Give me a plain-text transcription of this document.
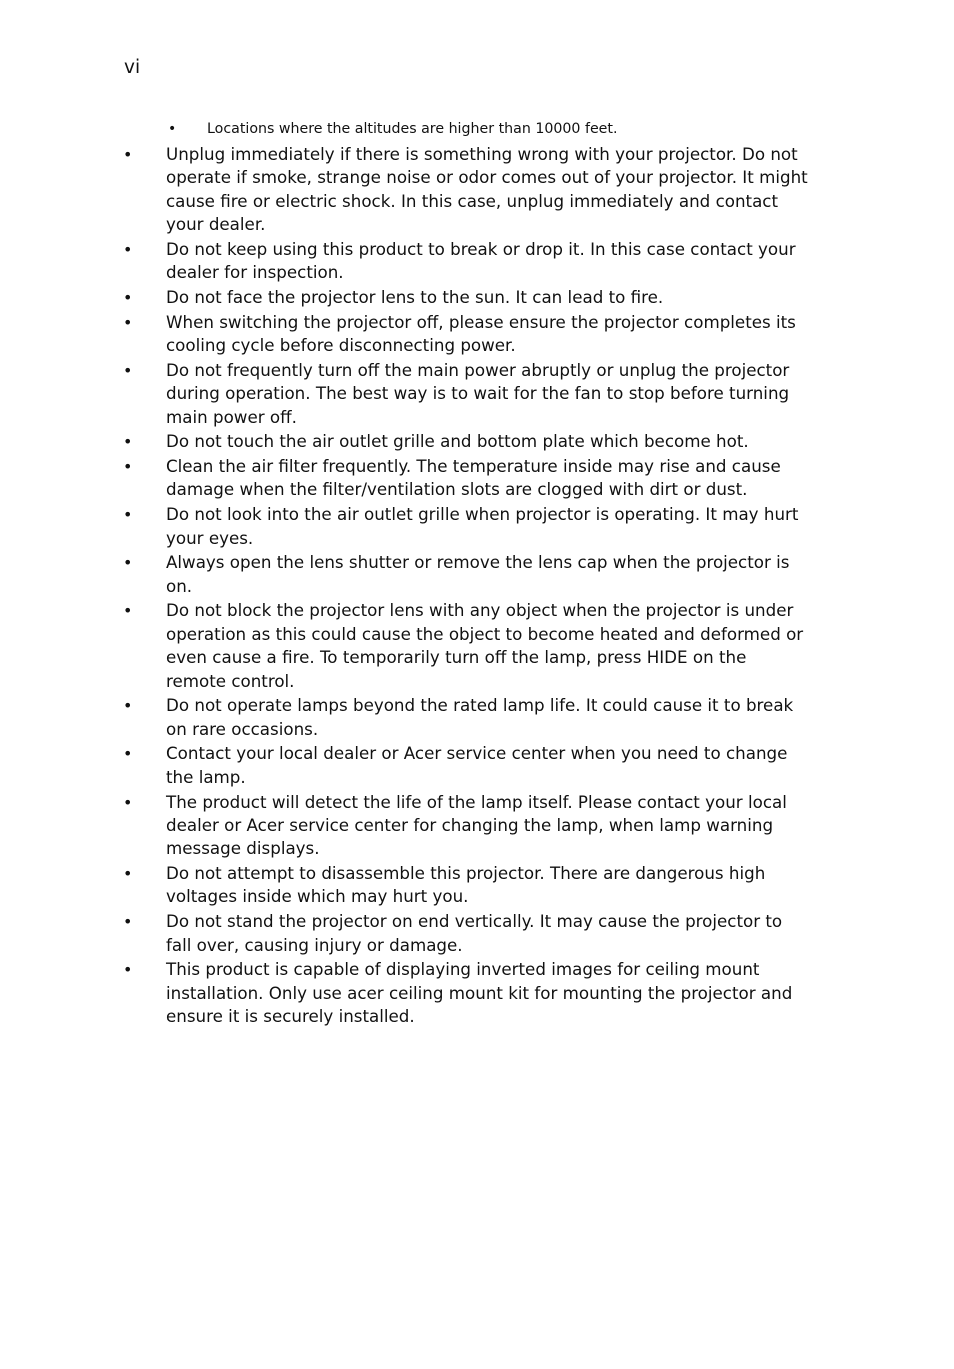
vi
• Locations where the altitudes are higher than 10000 feet.
• Unplug immediately if there is something wrong with your projector. Do not operate if smoke, strange noise or odor comes out of your projector. It might cause fire or electric shock. In this case, unplug immediately and contact your dealer.
• Do not keep using this product to break or drop it. In this case contact your dealer for inspection.
• Do not face the projector lens to the sun. It can lead to fire.
• When switching the projector off, please ensure the projector completes its cooling cycle before disconnecting power.
• Do not frequently turn off the main power abruptly or unplug the projector during operation. The best way is to wait for the fan to stop before turning main power off.
• Do not touch the air outlet grille and bottom plate which become hot.
• Clean the air filter frequently. The temperature inside may rise and cause damage when the filter/ventilation slots are clogged with dirt or dust.
• Do not look into the air outlet grille when projector is operating. It may hurt your eyes.
• Always open the lens shutter or remove the lens cap when the projector is on.
• Do not block the projector lens with any object when the projector is under operation as this could cause the object to become heated and deformed or even cause a fire. To temporarily turn off the lamp, press HIDE on the remote control.
• Do not operate lamps beyond the rated lamp life. It could cause it to break on rare occasions.
• Contact your local dealer or Acer service center when you need to change the lamp.
• The product will detect the life of the lamp itself. Please contact your local dealer or Acer service center for changing the lamp, when lamp warning message displays.
• Do not attempt to disassemble this projector. There are dangerous high voltages inside which may hurt you.
• Do not stand the projector on end vertically. It may cause the projector to fall over, causing injury or damage.
• This product is capable of displaying inverted images for ceiling mount installation. Only use acer ceiling mount kit for mounting the projector and ensure it is securely installed.
